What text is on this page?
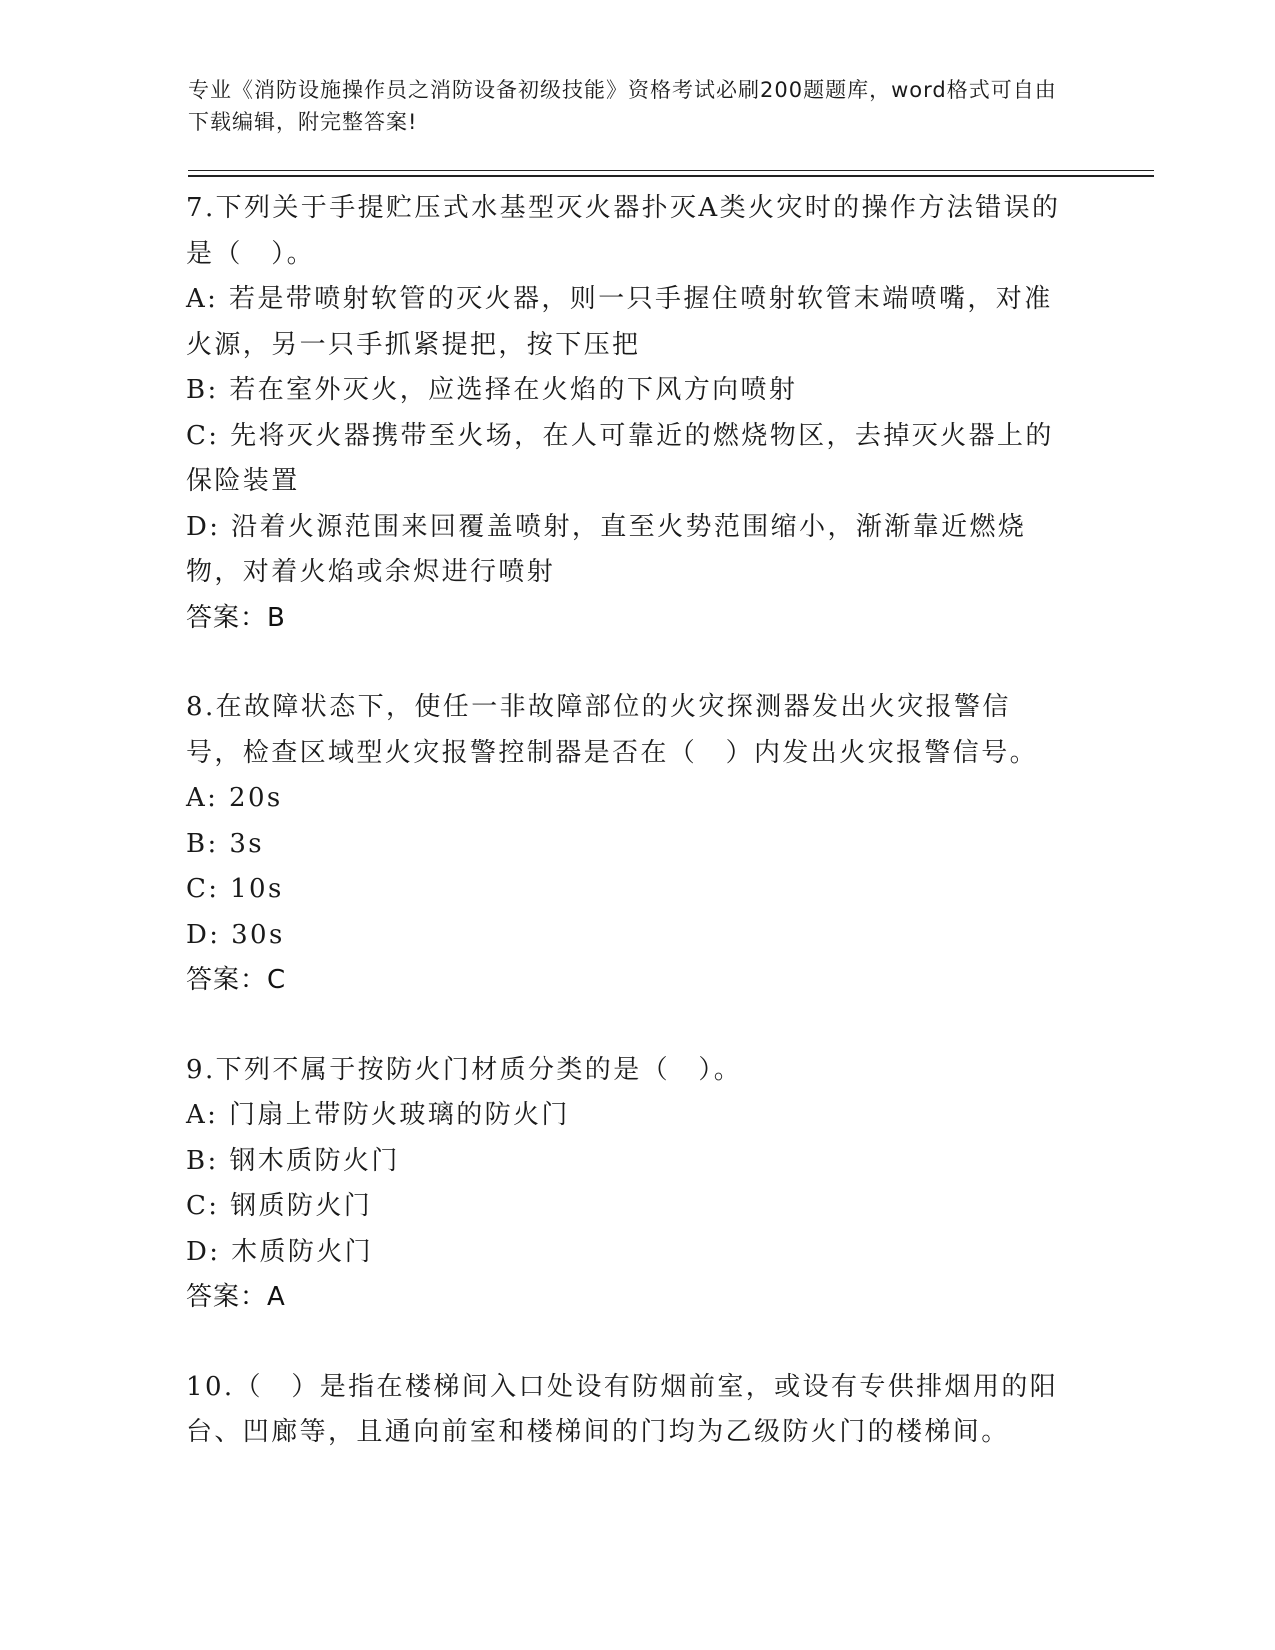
专业《消防设施操作员之消防设备初级技能》资格考试必刷200题题库，word格式可自由下载编辑，附完整答案!

7.下列关于手提贮压式水基型灭火器扑灭A类火灾时的操作方法错误的是（　）。

A: 若是带喷射软管的灭火器，则一只手握住喷射软管末端喷嘴，对准火源，另一只手抓紧提把，按下压把

B: 若在室外灭火，应选择在火焰的下风方向喷射

C: 先将灭火器携带至火场，在人可靠近的燃烧物区，去掉灭火器上的保险装置

D: 沿着火源范围来回覆盖喷射，直至火势范围缩小，渐渐靠近燃烧物，对着火焰或余烬进行喷射

答案：B

8.在故障状态下，使任一非故障部位的火灾探测器发出火灾报警信号，检查区域型火灾报警控制器是否在（　）内发出火灾报警信号。

A: 20s

B: 3s

C: 10s

D: 30s

答案：C

9.下列不属于按防火门材质分类的是（　）。

A: 门扇上带防火玻璃的防火门

B: 钢木质防火门

C: 钢质防火门

D: 木质防火门

答案：A

10.（　）是指在楼梯间入口处设有防烟前室，或设有专供排烟用的阳台、凹廊等，且通向前室和楼梯间的门均为乙级防火门的楼梯间。
